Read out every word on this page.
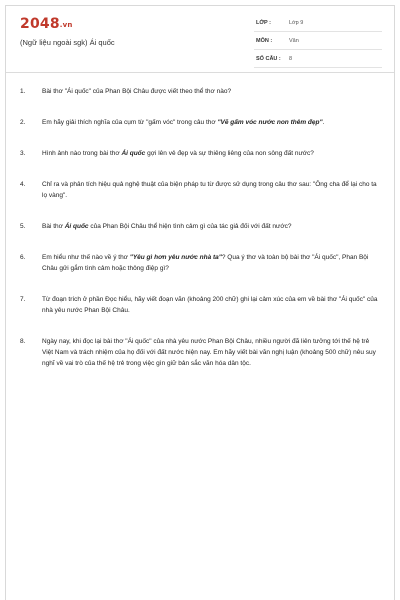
2048.vn
(Ngữ liệu ngoài sgk) Ái quốc
LỚP :	Lớp 9
MÔN :	Văn
SỐ CÂU : 8
1.	Bài thơ "Ái quốc" của Phan Bội Châu được viết theo thể thơ nào?
2.	Em hãy giải thích nghĩa của cụm từ "gấm vóc" trong câu thơ "Vẽ gấm vóc nước non thêm đẹp".
3.	Hình ảnh nào trong bài thơ Ái quốc gợi lên vẻ đẹp và sự thiêng liêng của non sông đất nước?
4.	Chỉ ra và phân tích hiệu quả nghệ thuật của biện pháp tu từ được sử dụng trong câu thơ sau: "Ông cha để lại cho ta lọ vàng".
5.	Bài thơ Ái quốc của Phan Bội Châu thể hiện tình cảm gì của tác giả đối với đất nước?
6.	Em hiểu như thế nào về ý thơ "Yêu gì hơn yêu nước nhà ta"? Qua ý thơ và toàn bộ bài thơ "Ái quốc", Phan Bội Châu gửi gắm tình cảm hoặc thông điệp gì?
7.	Từ đoạn trích ở phần Đọc hiểu, hãy viết đoạn văn (khoảng 200 chữ) ghi lại cảm xúc của em về bài thơ "Ái quốc" của nhà yêu nước Phan Bội Châu.
8.	Ngày nay, khi đọc lại bài thơ "Ái quốc" của nhà yêu nước Phan Bội Châu, nhiều người đã liên tưởng tới thế hệ trẻ Việt Nam và trách nhiệm của họ đối với đất nước hiện nay. Em hãy viết bài văn nghị luận (khoảng 500 chữ) nêu suy nghĩ về vai trò của thế hệ trẻ trong việc gìn giữ bản sắc văn hóa dân tộc.
